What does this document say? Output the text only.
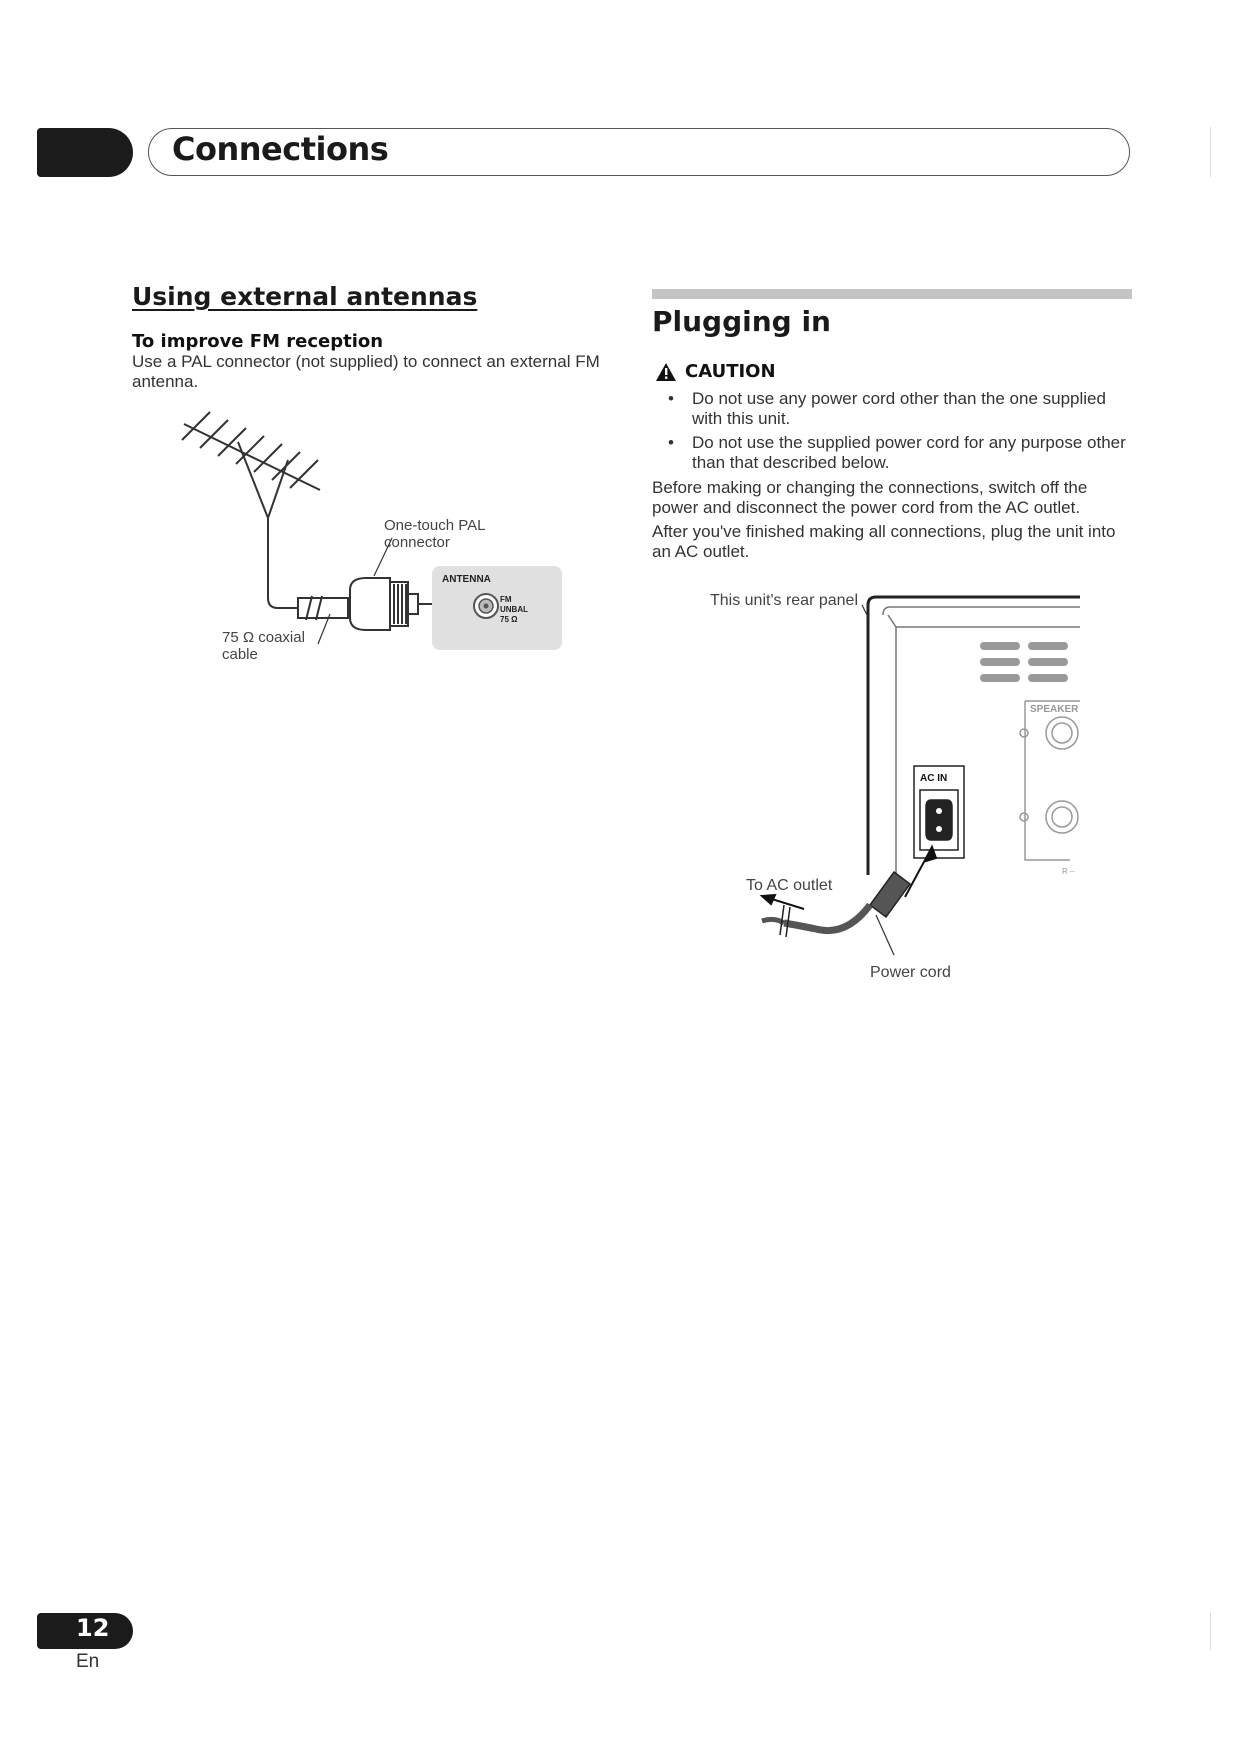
Connections
Using external antennas
To improve FM reception
Use a PAL connector (not supplied) to connect an external FM antenna.
One-touch PAL
connector
75 Ω coaxial
cable
ANTENNA
FM
UNBAL
75 Ω
Plugging in
CAUTION
• Do not use any power cord other than the one supplied with this unit.
• Do not use the supplied power cord for any purpose other than that described below.
Before making or changing the connections, switch off the power and disconnect the power cord from the AC outlet.
After you've finished making all connections, plug the unit into an AC outlet.
SPEAKER
R –
AC IN
This unit's rear panel
To AC outlet
Power cord
12
En
